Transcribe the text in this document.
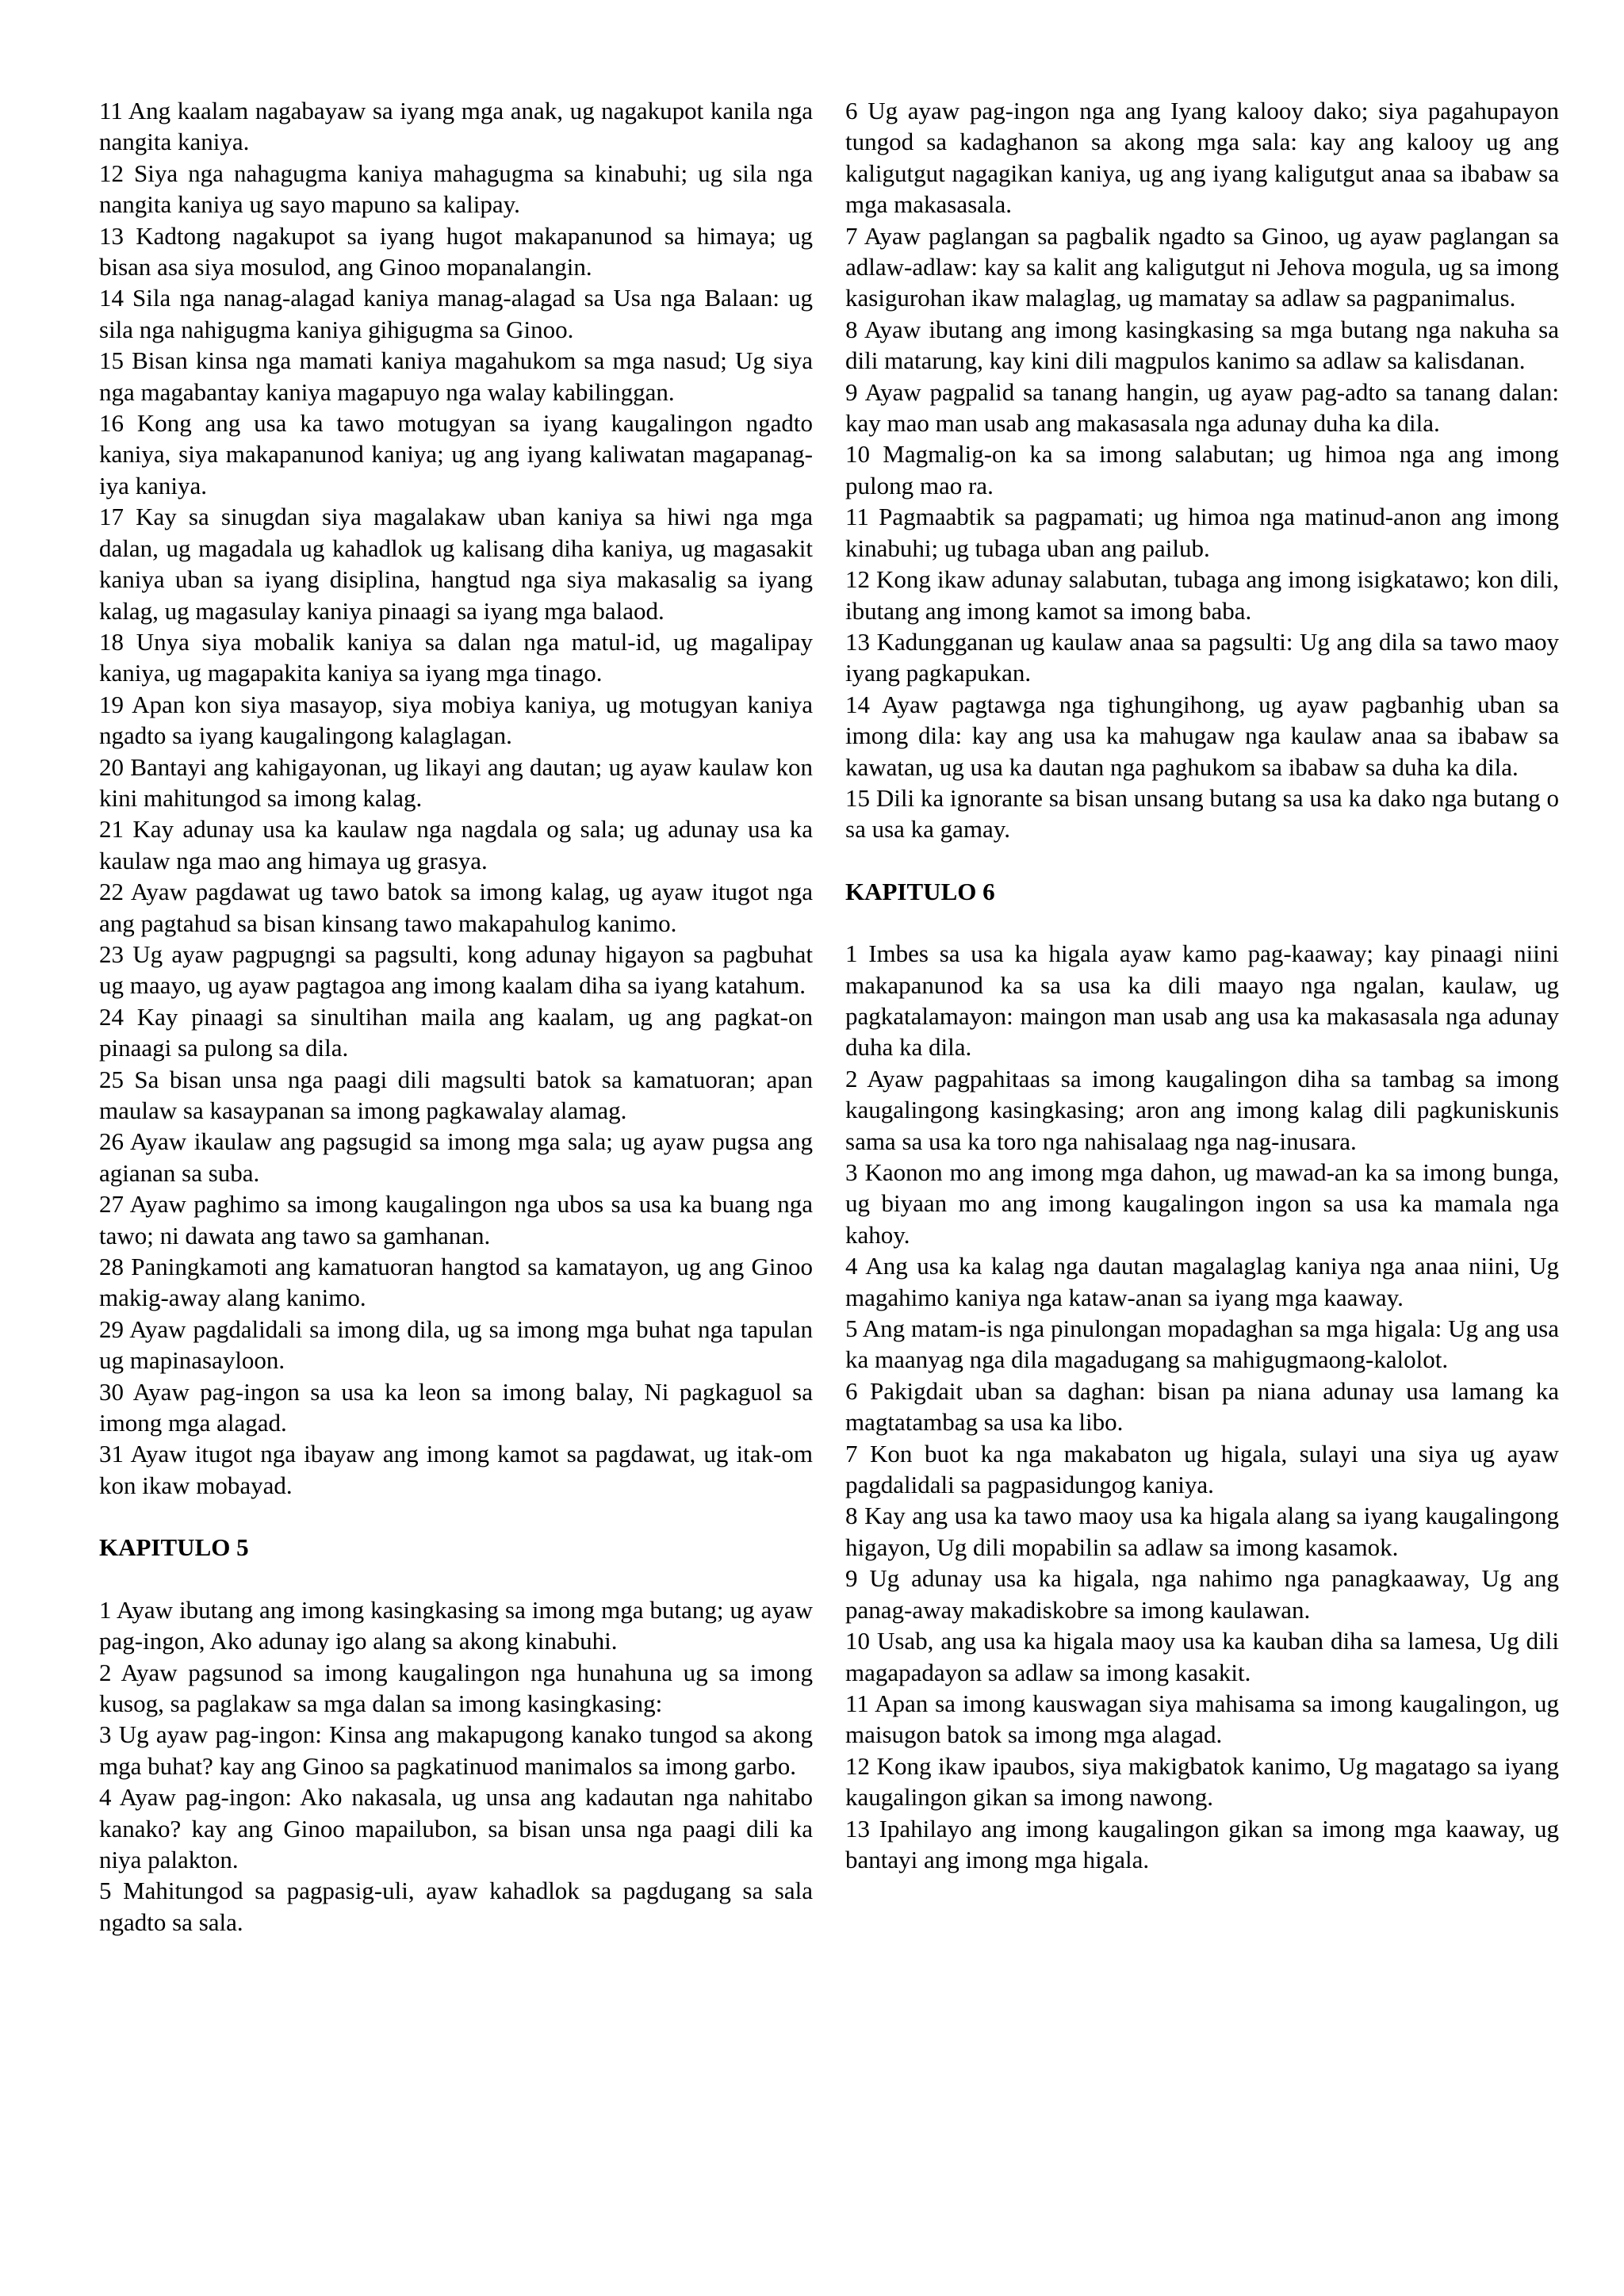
11 Ang kaalam nagabayaw sa iyang mga anak, ug nagakupot kanila nga nangita kaniya.

12 Siya nga nahagugma kaniya mahagugma sa kinabuhi; ug sila nga nangita kaniya ug sayo mapuno sa kalipay.

13 Kadtong nagakupot sa iyang hugot makapanunod sa himaya; ug bisan asa siya mosulod, ang Ginoo mopanalangin.

14 Sila nga nanag-alagad kaniya manag-alagad sa Usa nga Balaan: ug sila nga nahigugma kaniya gihigugma sa Ginoo.

15 Bisan kinsa nga mamati kaniya magahukom sa mga nasud; Ug siya nga magabantay kaniya magapuyo nga walay kabilinggan.

16 Kong ang usa ka tawo motugyan sa iyang kaugalingon ngadto kaniya, siya makapanunod kaniya; ug ang iyang kaliwatan magapanag-iya kaniya.

17 Kay sa sinugdan siya magalakaw uban kaniya sa hiwi nga mga dalan, ug magadala ug kahadlok ug kalisang diha kaniya, ug magasakit kaniya uban sa iyang disiplina, hangtud nga siya makasalig sa iyang kalag, ug magasulay kaniya pinaagi sa iyang mga balaod.

18 Unya siya mobalik kaniya sa dalan nga matul-id, ug magalipay kaniya, ug magapakita kaniya sa iyang mga tinago.

19 Apan kon siya masayop, siya mobiya kaniya, ug motugyan kaniya ngadto sa iyang kaugalingong kalaglagan.

20 Bantayi ang kahigayonan, ug likayi ang dautan; ug ayaw kaulaw kon kini mahitungod sa imong kalag.

21 Kay adunay usa ka kaulaw nga nagdala og sala; ug adunay usa ka kaulaw nga mao ang himaya ug grasya.

22 Ayaw pagdawat ug tawo batok sa imong kalag, ug ayaw itugot nga ang pagtahud sa bisan kinsang tawo makapahulog kanimo.

23 Ug ayaw pagpugngi sa pagsulti, kong adunay higayon sa pagbuhat ug maayo, ug ayaw pagtagoa ang imong kaalam diha sa iyang katahum.

24 Kay pinaagi sa sinultihan maila ang kaalam, ug ang pagkat-on pinaagi sa pulong sa dila.

25 Sa bisan unsa nga paagi dili magsulti batok sa kamatuoran; apan maulaw sa kasaypanan sa imong pagkawalay alamag.

26 Ayaw ikaulaw ang pagsugid sa imong mga sala; ug ayaw pugsa ang agianan sa suba.

27 Ayaw paghimo sa imong kaugalingon nga ubos sa usa ka buang nga tawo; ni dawata ang tawo sa gamhanan.

28 Paningkamoti ang kamatuoran hangtod sa kamatayon, ug ang Ginoo makig-away alang kanimo.

29 Ayaw pagdalidali sa imong dila, ug sa imong mga buhat nga tapulan ug mapinasayloon.

30 Ayaw pag-ingon sa usa ka leon sa imong balay, Ni pagkaguol sa imong mga alagad.

31 Ayaw itugot nga ibayaw ang imong kamot sa pagdawat, ug itak-om kon ikaw mobayad.

KAPITULO 5

1 Ayaw ibutang ang imong kasingkasing sa imong mga butang; ug ayaw pag-ingon, Ako adunay igo alang sa akong kinabuhi.

2 Ayaw pagsunod sa imong kaugalingon nga hunahuna ug sa imong kusog, sa paglakaw sa mga dalan sa imong kasingkasing:

3 Ug ayaw pag-ingon: Kinsa ang makapugong kanako tungod sa akong mga buhat? kay ang Ginoo sa pagkatinuod manimalos sa imong garbo.

4 Ayaw pag-ingon: Ako nakasala, ug unsa ang kadautan nga nahitabo kanako? kay ang Ginoo mapailubon, sa bisan unsa nga paagi dili ka niya palakton.

5 Mahitungod sa pagpasig-uli, ayaw kahadlok sa pagdugang sa sala ngadto sa sala.

6 Ug ayaw pag-ingon nga ang Iyang kalooy dako; siya pagahupayon tungod sa kadaghanon sa akong mga sala: kay ang kalooy ug ang kaligutgut nagagikan kaniya, ug ang iyang kaligutgut anaa sa ibabaw sa mga makasasala.

7 Ayaw paglangan sa pagbalik ngadto sa Ginoo, ug ayaw paglangan sa adlaw-adlaw: kay sa kalit ang kaligutgut ni Jehova mogula, ug sa imong kasigurohan ikaw malaglag, ug mamatay sa adlaw sa pagpanimalus.

8 Ayaw ibutang ang imong kasingkasing sa mga butang nga nakuha sa dili matarung, kay kini dili magpulos kanimo sa adlaw sa kalisdanan.

9 Ayaw pagpalid sa tanang hangin, ug ayaw pag-adto sa tanang dalan: kay mao man usab ang makasasala nga adunay duha ka dila.

10 Magmalig-on ka sa imong salabutan; ug himoa nga ang imong pulong mao ra.

11 Pagmaabtik sa pagpamati; ug himoa nga matinud-anon ang imong kinabuhi; ug tubaga uban ang pailub.

12 Kong ikaw adunay salabutan, tubaga ang imong isigkatawo; kon dili, ibutang ang imong kamot sa imong baba.

13 Kadungganan ug kaulaw anaa sa pagsulti: Ug ang dila sa tawo maoy iyang pagkapukan.

14 Ayaw pagtawga nga tighungihong, ug ayaw pagbanhig uban sa imong dila: kay ang usa ka mahugaw nga kaulaw anaa sa ibabaw sa kawatan, ug usa ka dautan nga paghukom sa ibabaw sa duha ka dila.

15 Dili ka ignorante sa bisan unsang butang sa usa ka dako nga butang o sa usa ka gamay.

KAPITULO 6

1 Imbes sa usa ka higala ayaw kamo pag-kaaway; kay pinaagi niini makapanunod ka sa usa ka dili maayo nga ngalan, kaulaw, ug pagkatalamayon: maingon man usab ang usa ka makasasala nga adunay duha ka dila.

2 Ayaw pagpahitaas sa imong kaugalingon diha sa tambag sa imong kaugalingong kasingkasing; aron ang imong kalag dili pagkuniskunis sama sa usa ka toro nga nahisalaag nga nag-inusara.

3 Kaonon mo ang imong mga dahon, ug mawad-an ka sa imong bunga, ug biyaan mo ang imong kaugalingon ingon sa usa ka mamala nga kahoy.

4 Ang usa ka kalag nga dautan magalaglag kaniya nga anaa niini, Ug magahimo kaniya nga kataw-anan sa iyang mga kaaway.

5 Ang matam-is nga pinulongan mopadaghan sa mga higala: Ug ang usa ka maanyag nga dila magadugang sa mahigugmaong-kalolot.

6 Pakigdait uban sa daghan: bisan pa niana adunay usa lamang ka magtatambag sa usa ka libo.

7 Kon buot ka nga makabaton ug higala, sulayi una siya ug ayaw pagdalidali sa pagpasidungog kaniya.

8 Kay ang usa ka tawo maoy usa ka higala alang sa iyang kaugalingong higayon, Ug dili mopabilin sa adlaw sa imong kasamok.

9 Ug adunay usa ka higala, nga nahimo nga panagkaaway, Ug ang panag-away makadiskobre sa imong kaulawan.

10 Usab, ang usa ka higala maoy usa ka kauban diha sa lamesa, Ug dili magapadayon sa adlaw sa imong kasakit.

11 Apan sa imong kauswagan siya mahisama sa imong kaugalingon, ug maisugon batok sa imong mga alagad.

12 Kong ikaw ipaubos, siya makigbatok kanimo, Ug magatago sa iyang kaugalingon gikan sa imong nawong.

13 Ipahilayo ang imong kaugalingon gikan sa imong mga kaaway, ug bantayi ang imong mga higala.
